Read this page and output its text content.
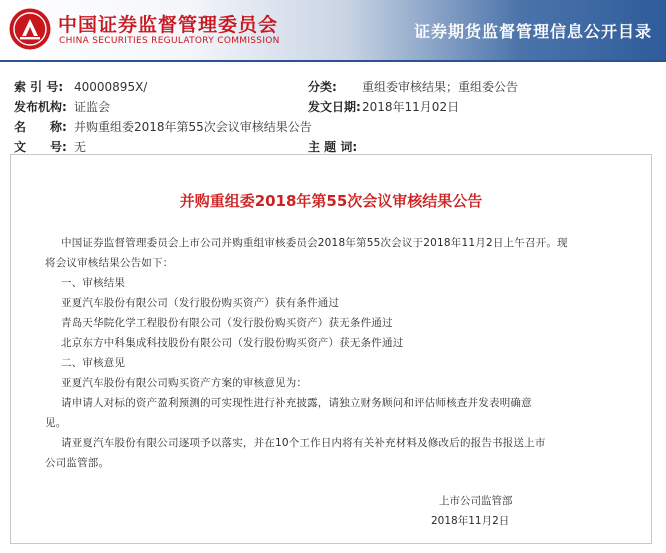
中国证券监督管理委员会
CHINA SECURITIES REGULATORY COMMISSION	证券期货监督管理信息公开目录
索 引 号: 40000895X/	分类: 重组委审核结果；重组委公告
发布机构: 证监会	发文日期: 2018年11月02日
名　　称: 并购重组委2018年第55次会议审核结果公告
文　　号: 无	主 题 词:
并购重组委2018年第55次会议审核结果公告
中国证券监督管理委员会上市公司并购重组审核委员会2018年第55次会议于2018年11月2日上午召开。现
将会议审核结果公告如下：
一、审核结果
亚夏汽车股份有限公司（发行股份购买资产）获有条件通过
青岛天华院化学工程股份有限公司（发行股份购买资产）获无条件通过
北京东方中科集成科技股份有限公司（发行股份购买资产）获无条件通过
二、审核意见
亚夏汽车股份有限公司购买资产方案的审核意见为：
请申请人对标的资产盈利预测的可实现性进行补充披露，请独立财务顾问和评估师核查并发表明确意
见。
请亚夏汽车股份有限公司逐项予以落实，并在10个工作日内将有关补充材料及修改后的报告书报送上市
公司监管部。
上市公司监管部
2018年11月2日
